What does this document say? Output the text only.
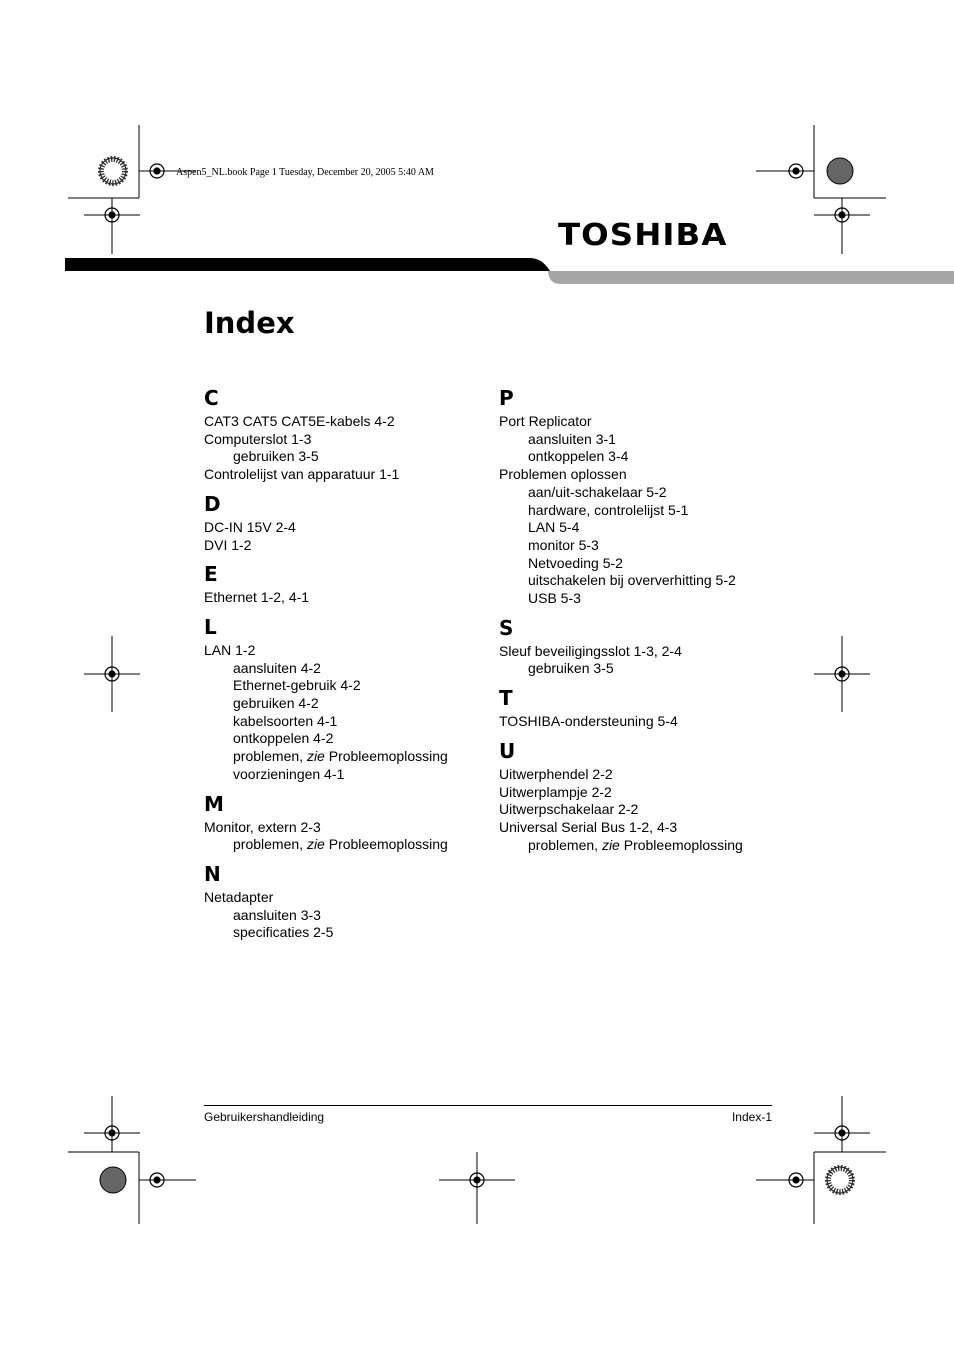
Aspen5_NL.book Page 1 Tuesday, December 20, 2005 5:40 AM
TOSHIBA
Index
C
CAT3 CAT5 CAT5E-kabels 4-2
Computerslot 1-3
gebruiken 3-5
Controlelijst van apparatuur 1-1
D
DC-IN 15V 2-4
DVI 1-2
E
Ethernet 1-2, 4-1
L
LAN 1-2
aansluiten 4-2
Ethernet-gebruik 4-2
gebruiken 4-2
kabelsoorten 4-1
ontkoppelen 4-2
problemen, zie Probleemoplossing
voorzieningen 4-1
M
Monitor, extern 2-3
problemen, zie Probleemoplossing
N
Netadapter
aansluiten 3-3
specificaties 2-5
P
Port Replicator
aansluiten 3-1
ontkoppelen 3-4
Problemen oplossen
aan/uit-schakelaar 5-2
hardware, controlelijst 5-1
LAN 5-4
monitor 5-3
Netvoeding 5-2
uitschakelen bij oververhitting 5-2
USB 5-3
S
Sleuf beveiligingsslot 1-3, 2-4
gebruiken 3-5
T
TOSHIBA-ondersteuning 5-4
U
Uitwerphendel 2-2
Uitwerplampje 2-2
Uitwerpschakelaar 2-2
Universal Serial Bus 1-2, 4-3
problemen, zie Probleemoplossing
Gebruikershandleiding	Index-1
